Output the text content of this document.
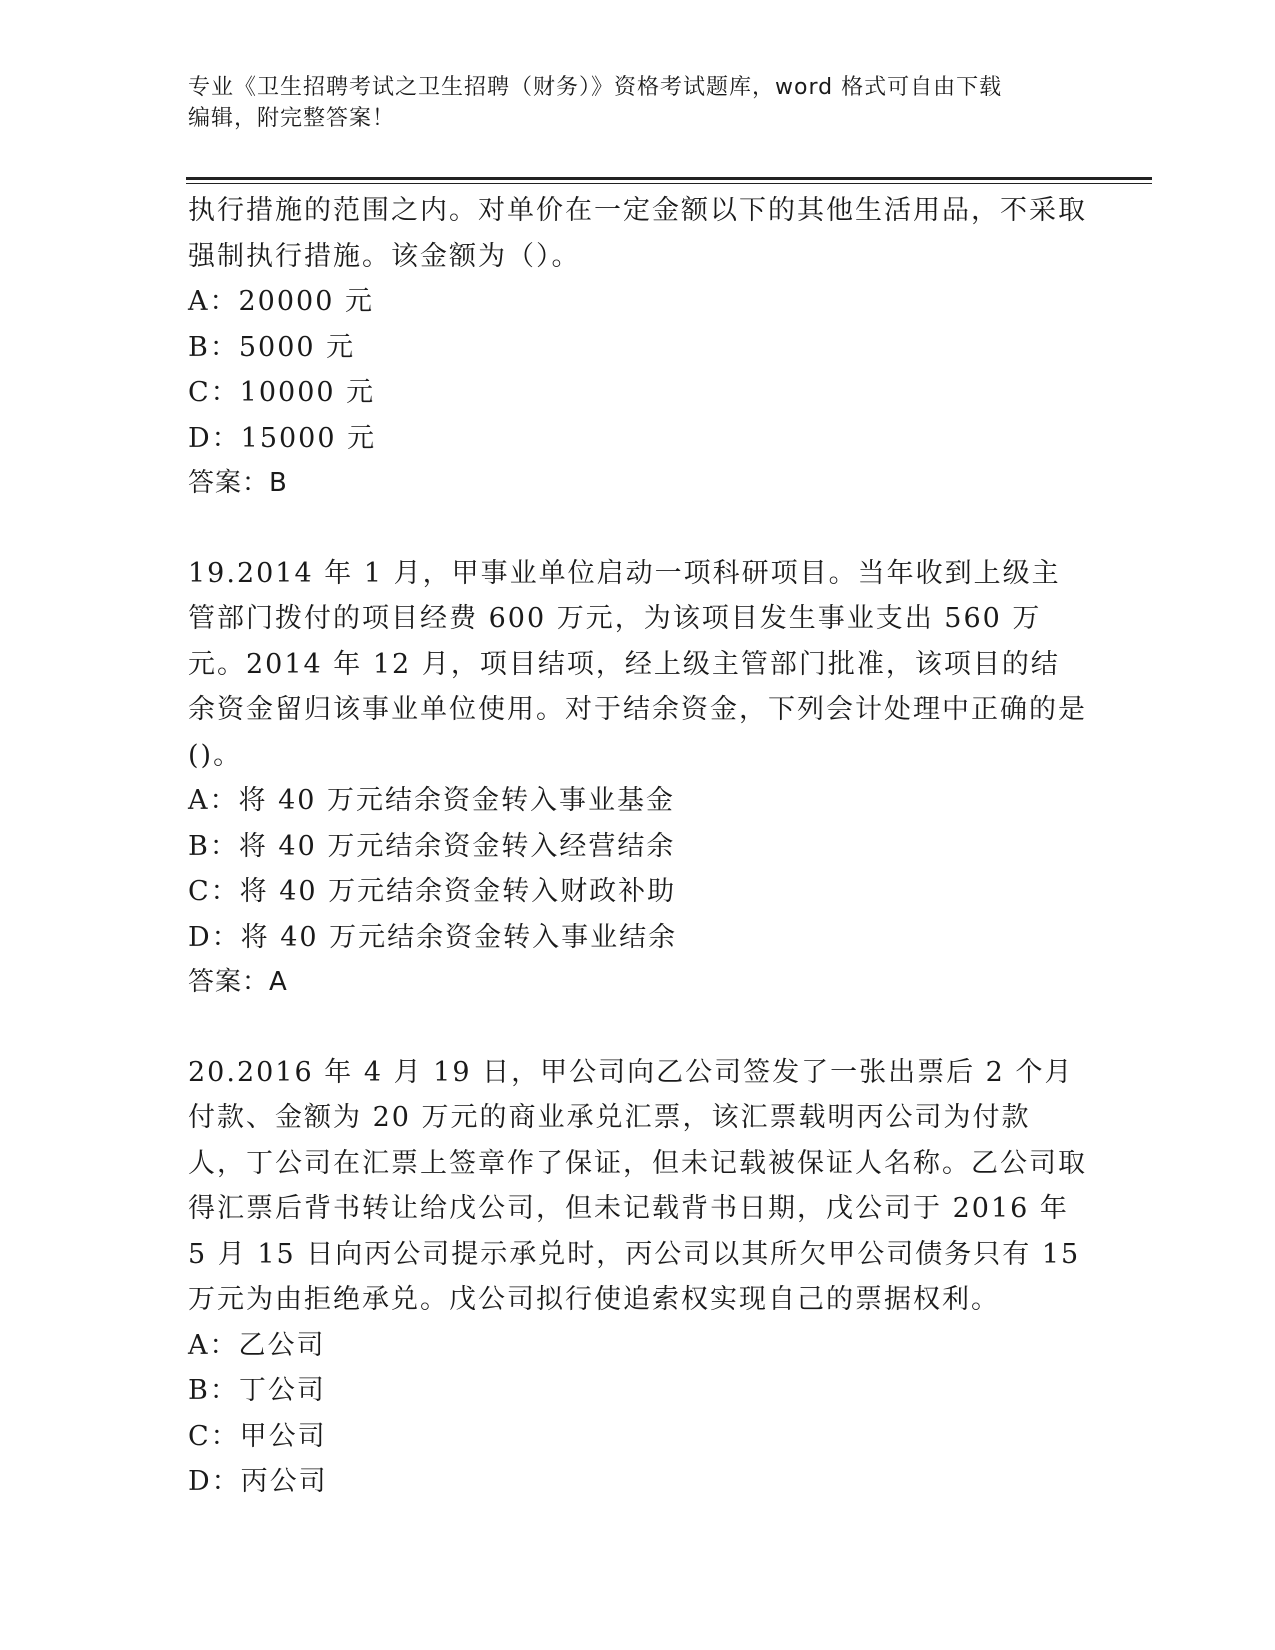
专业《卫生招聘考试之卫生招聘（财务）》资格考试题库，word 格式可自由下载
编辑，附完整答案！

执行措施的范围之内。对单价在一定金额以下的其他生活用品，不采取强制执行措施。该金额为（）。

A：20000 元
B：5000 元
C：10000 元
D：15000 元
答案：B

19.2014 年 1 月，甲事业单位启动一项科研项目。当年收到上级主管部门拨付的项目经费 600 万元，为该项目发生事业支出 560 万元。2014 年 12 月，项目结项，经上级主管部门批准，该项目的结余资金留归该事业单位使用。对于结余资金，下列会计处理中正确的是()。

A：将 40 万元结余资金转入事业基金
B：将 40 万元结余资金转入经营结余
C：将 40 万元结余资金转入财政补助
D：将 40 万元结余资金转入事业结余
答案：A

20.2016 年 4 月 19 日，甲公司向乙公司签发了一张出票后 2 个月付款、金额为 20 万元的商业承兑汇票，该汇票载明丙公司为付款人，丁公司在汇票上签章作了保证，但未记载被保证人名称。乙公司取得汇票后背书转让给戊公司，但未记载背书日期，戊公司于 2016 年 5 月 15 日向丙公司提示承兑时，丙公司以其所欠甲公司债务只有 15 万元为由拒绝承兑。戊公司拟行使追索权实现自己的票据权利。

A：乙公司
B：丁公司
C：甲公司
D：丙公司
